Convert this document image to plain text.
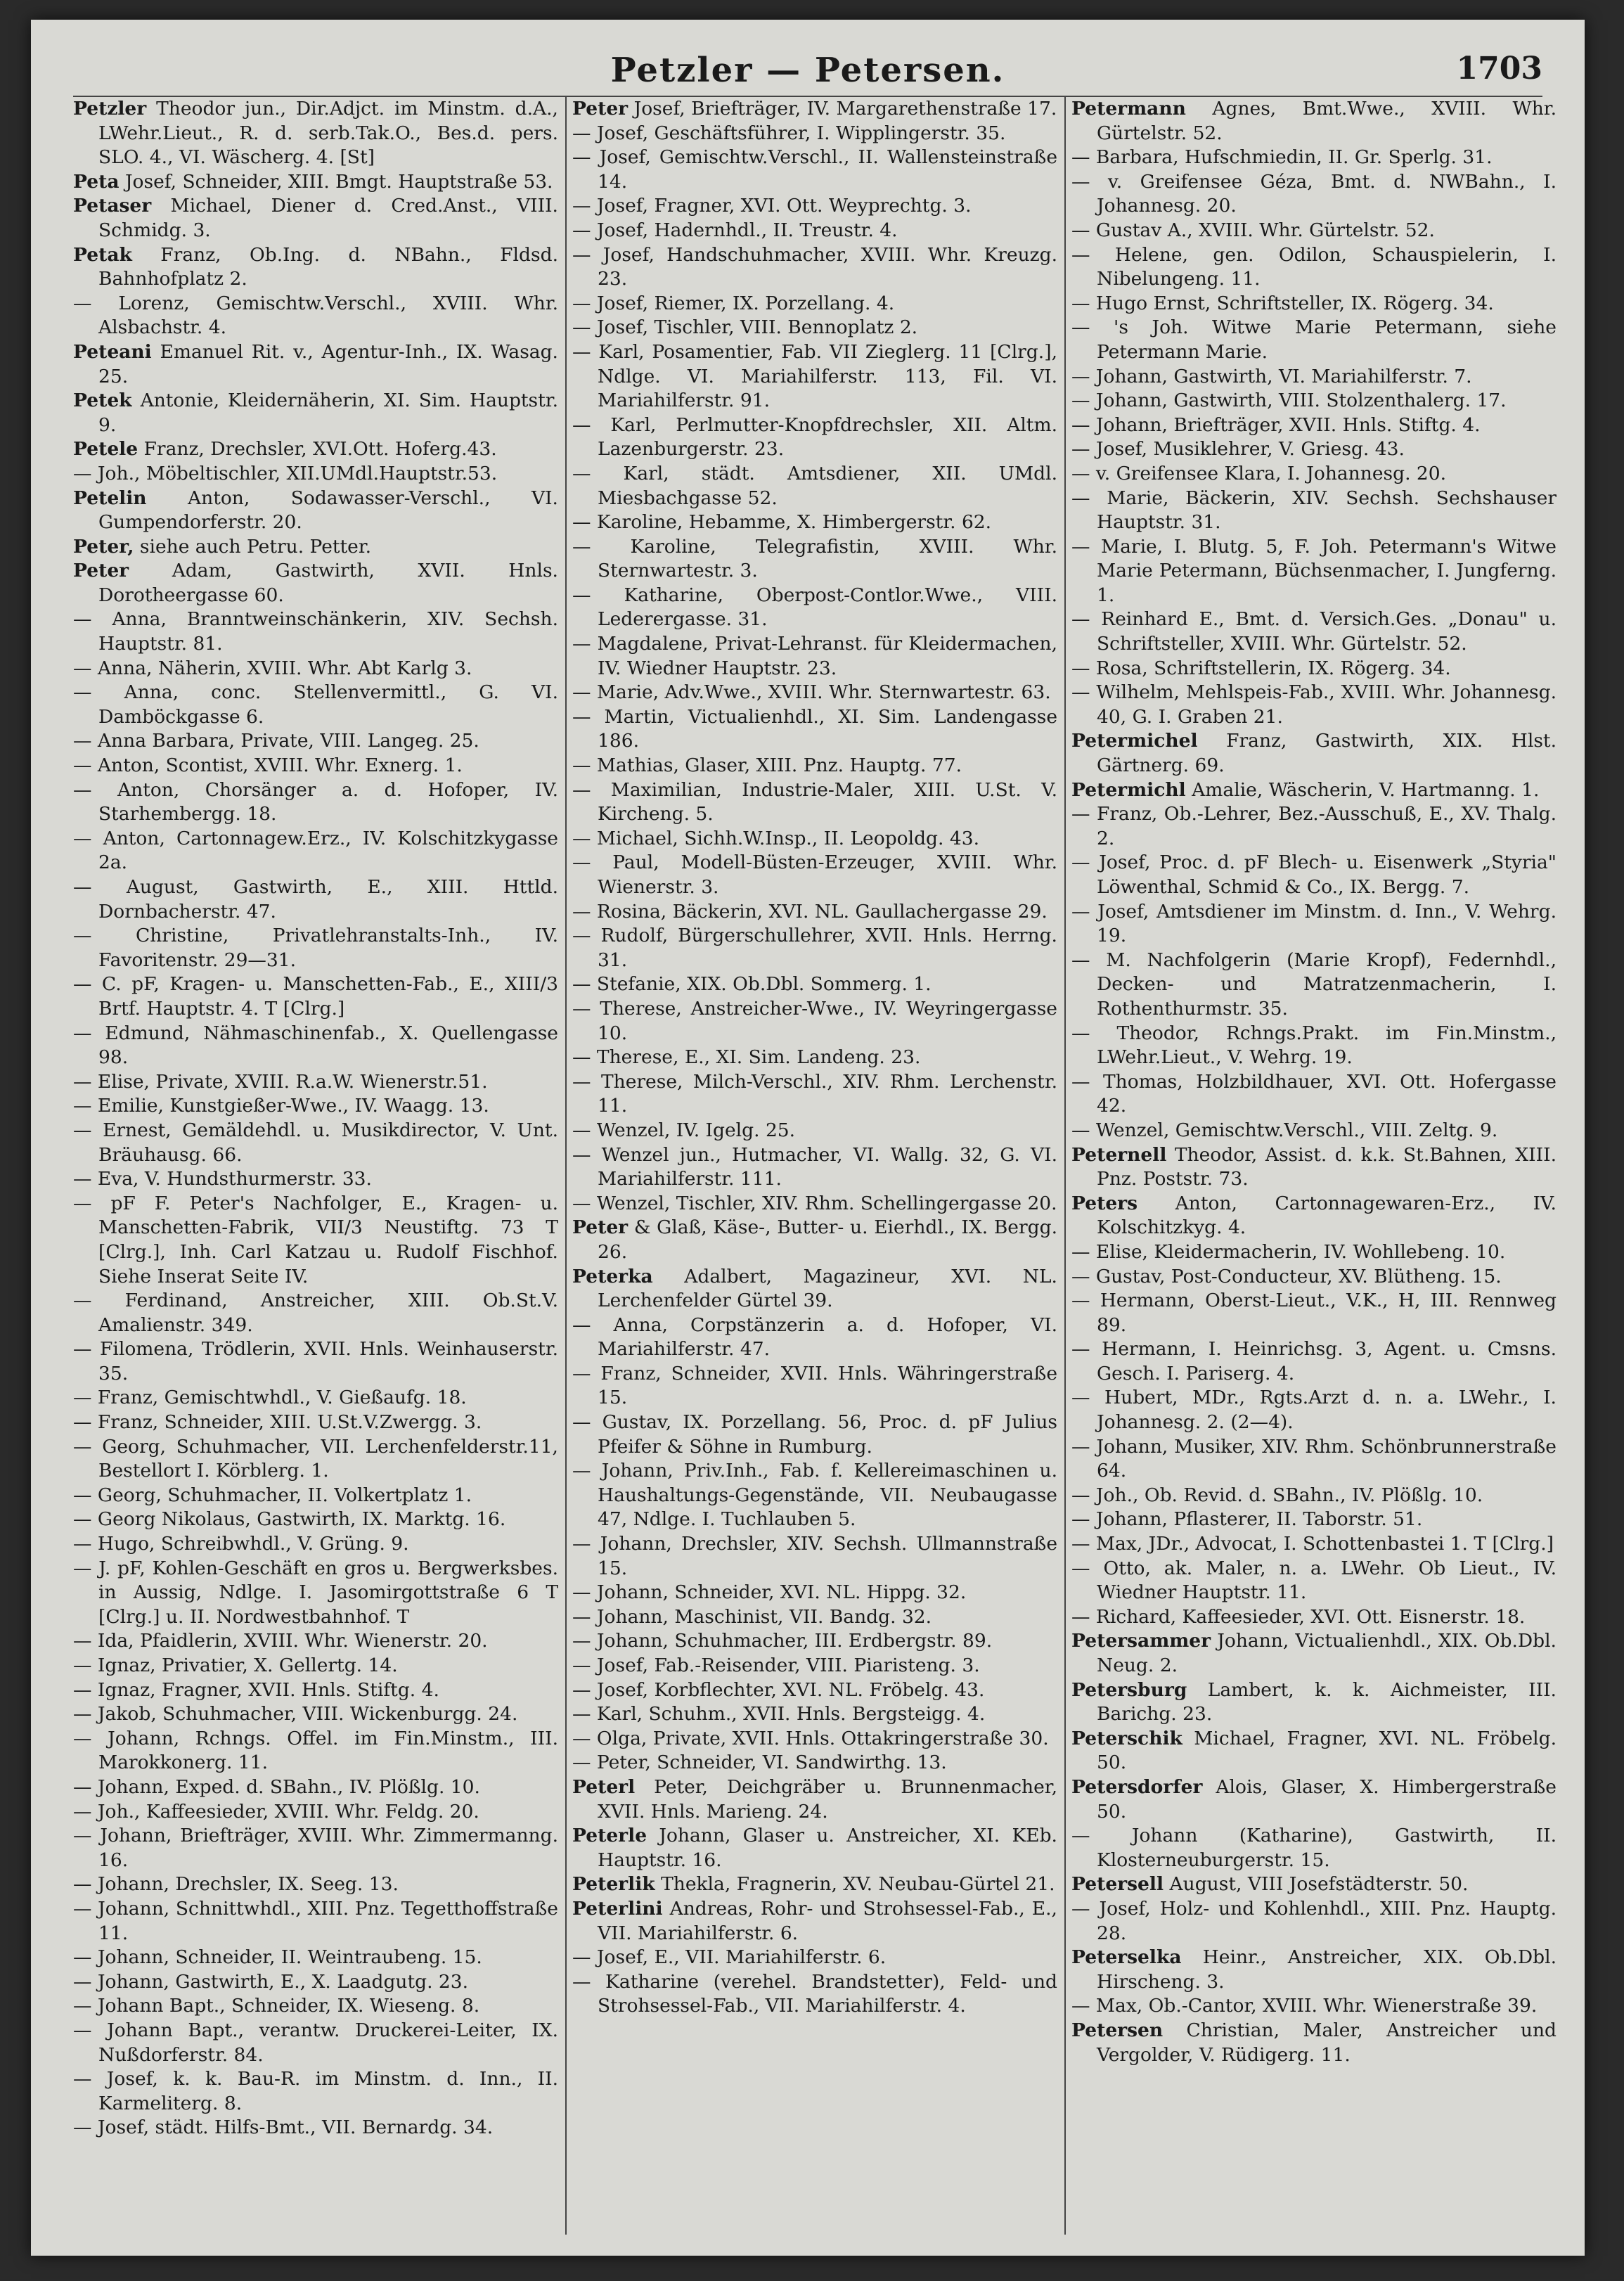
Petzler — Petersen.	1703
Petzler Theodor jun., Dir.Adjct. im Minstm. d.A., LWehr.Lieut., R. d. serb.Tak.O., Bes.d. pers. SLO. 4., VI. Wäscherg. 4. [St]
Peta Josef, Schneider, XIII. Bmgt. Hauptstraße 53.
Petaser Michael, Diener d. Cred.Anst., VIII. Schmidg. 3.
Petak Franz, Ob.Ing. d. NBahn., Fldsd. Bahnhofplatz 2.
— Lorenz, Gemischtw.Verschl., XVIII. Whr. Alsbachstr. 4.
Peteani Emanuel Rit. v., Agentur-Inh., IX. Wasag. 25.
Petek Antonie, Kleidernäherin, XI. Sim. Hauptstr. 9.
Petele Franz, Drechsler, XVI.Ott. Hoferg.43.
— Joh., Möbeltischler, XII.UMdl.Hauptstr.53.
Petelin Anton, Sodawasser-Verschl., VI. Gumpendorferstr. 20.
Peter, siehe auch Petru. Petter.
Peter Adam, Gastwirth, XVII. Hnls. Dorotheergasse 60.
— Anna, Branntweinschänkerin, XIV. Sechsh. Hauptstr. 81.
— Anna, Näherin, XVIII. Whr. Abt Karlg 3.
— Anna, conc. Stellenvermittl., G. VI. Damböckgasse 6.
— Anna Barbara, Private, VIII. Langeg. 25.
— Anton, Scontist, XVIII. Whr. Exnerg. 1.
— Anton, Chorsänger a. d. Hofoper, IV. Starhembergg. 18.
— Anton, Cartonnagew.Erz., IV. Kolschitzkygasse 2a.
— August, Gastwirth, E., XIII. Httld. Dornbacherstr. 47.
— Christine, Privatlehranstalts-Inh., IV. Favoritenstr. 29—31.
— C. pF, Kragen- u. Manschetten-Fab., E., XIII/3 Brtf. Hauptstr. 4. T [Clrg.]
— Edmund, Nähmaschinenfab., X. Quellengasse 98.
— Elise, Private, XVIII. R.a.W. Wienerstr.51.
— Emilie, Kunstgießer-Wwe., IV. Waagg. 13.
— Ernest, Gemäldehdl. u. Musikdirector, V. Unt. Bräuhausg. 66.
— Eva, V. Hundsthurmerstr. 33.
— pF F. Peter's Nachfolger, E., Kragen- u. Manschetten-Fabrik, VII/3 Neustiftg. 73 T [Clrg.], Inh. Carl Katzau u. Rudolf Fischhof. Siehe Inserat Seite IV.
— Ferdinand, Anstreicher, XIII. Ob.St.V. Amalienstr. 349.
— Filomena, Trödlerin, XVII. Hnls. Weinhauserstr. 35.
— Franz, Gemischtwhdl., V. Gießaufg. 18.
— Franz, Schneider, XIII. U.St.V.Zwergg. 3.
— Georg, Schuhmacher, VII. Lerchenfelderstr.11, Bestellort I. Körblerg. 1.
— Georg, Schuhmacher, II. Volkertplatz 1.
— Georg Nikolaus, Gastwirth, IX. Marktg. 16.
— Hugo, Schreibwhdl., V. Grüng. 9.
— J. pF, Kohlen-Geschäft en gros u. Bergwerksbes. in Aussig, Ndlge. I. Jasomirgottstraße 6 T [Clrg.] u. II. Nordwestbahnhof. T
— Ida, Pfaidlerin, XVIII. Whr. Wienerstr. 20.
— Ignaz, Privatier, X. Gellertg. 14.
— Ignaz, Fragner, XVII. Hnls. Stiftg. 4.
— Jakob, Schuhmacher, VIII. Wickenburgg. 24.
— Johann, Rchngs. Offel. im Fin.Minstm., III. Marokkonerg. 11.
— Johann, Exped. d. SBahn., IV. Plößlg. 10.
— Joh., Kaffeesieder, XVIII. Whr. Feldg. 20.
— Johann, Briefträger, XVIII. Whr. Zimmermanng. 16.
— Johann, Drechsler, IX. Seeg. 13.
— Johann, Schnittwhdl., XIII. Pnz. Tegetthoffstraße 11.
— Johann, Schneider, II. Weintraubeng. 15.
— Johann, Gastwirth, E., X. Laadgutg. 23.
— Johann Bapt., Schneider, IX. Wieseng. 8.
— Johann Bapt., verantw. Druckerei-Leiter, IX. Nußdorferstr. 84.
— Josef, k. k. Bau-R. im Minstm. d. Inn., II. Karmeliterg. 8.
— Josef, städt. Hilfs-Bmt., VII. Bernardg. 34.
Peter Josef, Briefträger, IV. Margarethenstraße 17.
— Josef, Geschäftsführer, I. Wipplingerstr. 35.
— Josef, Gemischtw.Verschl., II. Wallensteinstraße 14.
— Josef, Fragner, XVI. Ott. Weyprechtg. 3.
— Josef, Hadernhdl., II. Treustr. 4.
— Josef, Handschuhmacher, XVIII. Whr. Kreuzg. 23.
— Josef, Riemer, IX. Porzellang. 4.
— Josef, Tischler, VIII. Bennoplatz 2.
— Karl, Posamentier, Fab. VII Zieglerg. 11 [Clrg.], Ndlge. VI. Mariahilferstr. 113, Fil. VI. Mariahilferstr. 91.
— Karl, Perlmutter-Knopfdrechsler, XII. Altm. Lazenburgerstr. 23.
— Karl, städt. Amtsdiener, XII. UMdl. Miesbachgasse 52.
— Karoline, Hebamme, X. Himbergerstr. 62.
— Karoline, Telegrafistin, XVIII. Whr. Sternwartestr. 3.
— Katharine, Oberpost-Contlor.Wwe., VIII. Lederergasse. 31.
— Magdalene, Privat-Lehranst. für Kleidermachen, IV. Wiedner Hauptstr. 23.
— Marie, Adv.Wwe., XVIII. Whr. Sternwartestr. 63.
— Martin, Victualienhdl., XI. Sim. Landengasse 186.
— Mathias, Glaser, XIII. Pnz. Hauptg. 77.
— Maximilian, Industrie-Maler, XIII. U.St. V. Kircheng. 5.
— Michael, Sichh.W.Insp., II. Leopoldg. 43.
— Paul, Modell-Büsten-Erzeuger, XVIII. Whr. Wienerstr. 3.
— Rosina, Bäckerin, XVI. NL. Gaullachergasse 29.
— Rudolf, Bürgerschullehrer, XVII. Hnls. Herrng. 31.
— Stefanie, XIX. Ob.Dbl. Sommerg. 1.
— Therese, Anstreicher-Wwe., IV. Weyringergasse 10.
— Therese, E., XI. Sim. Landeng. 23.
— Therese, Milch-Verschl., XIV. Rhm. Lerchenstr. 11.
— Wenzel, IV. Igelg. 25.
— Wenzel jun., Hutmacher, VI. Wallg. 32, G. VI. Mariahilferstr. 111.
— Wenzel, Tischler, XIV. Rhm. Schellingergasse 20.
Peter & Glaß, Käse-, Butter- u. Eierhdl., IX. Bergg. 26.
Peterka Adalbert, Magazineur, XVI. NL. Lerchenfelder Gürtel 39.
— Anna, Corpstänzerin a. d. Hofoper, VI. Mariahilferstr. 47.
— Franz, Schneider, XVII. Hnls. Währingerstraße 15.
— Gustav, IX. Porzellang. 56, Proc. d. pF Julius Pfeifer & Söhne in Rumburg.
— Johann, Priv.Inh., Fab. f. Kellereimaschinen u. Haushaltungs-Gegenstände, VII. Neubaugasse 47, Ndlge. I. Tuchlauben 5.
— Johann, Drechsler, XIV. Sechsh. Ullmannstraße 15.
— Johann, Schneider, XVI. NL. Hippg. 32.
— Johann, Maschinist, VII. Bandg. 32.
— Johann, Schuhmacher, III. Erdbergstr. 89.
— Josef, Fab.-Reisender, VIII. Piaristeng. 3.
— Josef, Korbflechter, XVI. NL. Fröbelg. 43.
— Karl, Schuhm., XVII. Hnls. Bergsteigg. 4.
— Olga, Private, XVII. Hnls. Ottakringerstraße 30.
— Peter, Schneider, VI. Sandwirthg. 13.
Peterl Peter, Deichgräber u. Brunnenmacher, XVII. Hnls. Marieng. 24.
Peterle Johann, Glaser u. Anstreicher, XI. KEb. Hauptstr. 16.
Peterlik Thekla, Fragnerin, XV. Neubau-Gürtel 21.
Peterlini Andreas, Rohr- und Strohsessel-Fab., E., VII. Mariahilferstr. 6.
— Josef, E., VII. Mariahilferstr. 6.
— Katharine (verehel. Brandstetter), Feld- und Strohsessel-Fab., VII. Mariahilferstr. 4.
Petermann Agnes, Bmt.Wwe., XVIII. Whr. Gürtelstr. 52.
— Barbara, Hufschmiedin, II. Gr. Sperlg. 31.
— v. Greifensee Géza, Bmt. d. NWBahn., I. Johannesg. 20.
— Gustav A., XVIII. Whr. Gürtelstr. 52.
— Helene, gen. Odilon, Schauspielerin, I. Nibelungeng. 11.
— Hugo Ernst, Schriftsteller, IX. Rögerg. 34.
— 's Joh. Witwe Marie Petermann, siehe Petermann Marie.
— Johann, Gastwirth, VI. Mariahilferstr. 7.
— Johann, Gastwirth, VIII. Stolzenthalerg. 17.
— Johann, Briefträger, XVII. Hnls. Stiftg. 4.
— Josef, Musiklehrer, V. Griesg. 43.
— v. Greifensee Klara, I. Johannesg. 20.
— Marie, Bäckerin, XIV. Sechsh. Sechshauser Hauptstr. 31.
— Marie, I. Blutg. 5, F. Joh. Petermann's Witwe Marie Petermann, Büchsenmacher, I. Jungferng. 1.
— Reinhard E., Bmt. d. Versich.Ges. „Donau" u. Schriftsteller, XVIII. Whr. Gürtelstr. 52.
— Rosa, Schriftstellerin, IX. Rögerg. 34.
— Wilhelm, Mehlspeis-Fab., XVIII. Whr. Johannesg. 40, G. I. Graben 21.
Petermichel Franz, Gastwirth, XIX. Hlst. Gärtnerg. 69.
Petermichl Amalie, Wäscherin, V. Hartmanng. 1.
— Franz, Ob.-Lehrer, Bez.-Ausschuß, E., XV. Thalg. 2.
— Josef, Proc. d. pF Blech- u. Eisenwerk „Styria" Löwenthal, Schmid & Co., IX. Bergg. 7.
— Josef, Amtsdiener im Minstm. d. Inn., V. Wehrg. 19.
— M. Nachfolgerin (Marie Kropf), Federnhdl., Decken- und Matratzenmacherin, I. Rothenthurmstr. 35.
— Theodor, Rchngs.Prakt. im Fin.Minstm., LWehr.Lieut., V. Wehrg. 19.
— Thomas, Holzbildhauer, XVI. Ott. Hofergasse 42.
— Wenzel, Gemischtw.Verschl., VIII. Zeltg. 9.
Peternell Theodor, Assist. d. k.k. St.Bahnen, XIII. Pnz. Poststr. 73.
Peters Anton, Cartonnagewaren-Erz., IV. Kolschitzkyg. 4.
— Elise, Kleidermacherin, IV. Wohllebeng. 10.
— Gustav, Post-Conducteur, XV. Blütheng. 15.
— Hermann, Oberst-Lieut., V.K., H, III. Rennweg 89.
— Hermann, I. Heinrichsg. 3, Agent. u. Cmsns. Gesch. I. Pariserg. 4.
— Hubert, MDr., Rgts.Arzt d. n. a. LWehr., I. Johannesg. 2. (2—4).
— Johann, Musiker, XIV. Rhm. Schönbrunnerstraße 64.
— Joh., Ob. Revid. d. SBahn., IV. Plößlg. 10.
— Johann, Pflasterer, II. Taborstr. 51.
— Max, JDr., Advocat, I. Schottenbastei 1. T [Clrg.]
— Otto, ak. Maler, n. a. LWehr. Ob Lieut., IV. Wiedner Hauptstr. 11.
— Richard, Kaffeesieder, XVI. Ott. Eisnerstr. 18.
Petersammer Johann, Victualienhdl., XIX. Ob.Dbl. Neug. 2.
Petersburg Lambert, k. k. Aichmeister, III. Barichg. 23.
Peterschik Michael, Fragner, XVI. NL. Fröbelg. 50.
Petersdorfer Alois, Glaser, X. Himbergerstraße 50.
— Johann (Katharine), Gastwirth, II. Klosterneuburgerstr. 15.
Petersell August, VIII Josefstädterstr. 50.
— Josef, Holz- und Kohlenhdl., XIII. Pnz. Hauptg. 28.
Peterselka Heinr., Anstreicher, XIX. Ob.Dbl. Hirscheng. 3.
— Max, Ob.-Cantor, XVIII. Whr. Wienerstraße 39.
Petersen Christian, Maler, Anstreicher und Vergolder, V. Rüdigerg. 11.
